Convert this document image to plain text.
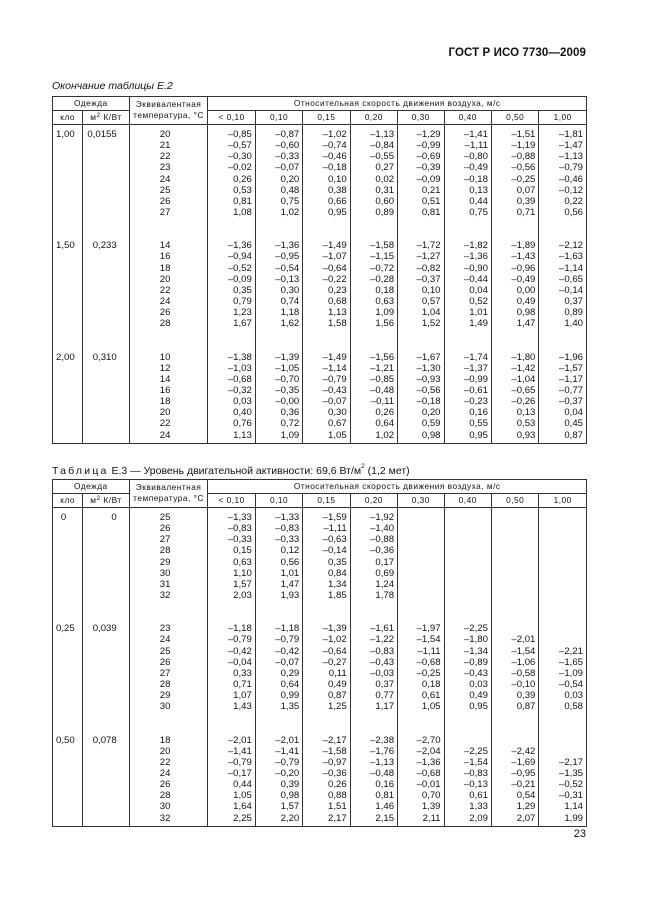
ГОСТ Р ИСО 7730—2009
Окончание таблицы Е.2
Одежда		Эквивалентная температура, °С	Относительная скорость движения воздуха, м/с							
кло	$м^2$ К/Вт		< 0,10	0,10	0,15	0,20	0,30	0,40	0,50	1,00
1,00	0,0155	20	–0,85	–0,87	–1,02	–1,13	–1,29	–1,41	–1,51	–1,81
		21	–0,57	–0,60	–0,74	–0,84	–0,99	–1,11	–1,19	–1,47
		22	–0,30	–0,33	–0,46	–0,55	–0,69	–0,80	–0,88	–1,13
		23	–0,02	–0,07	–0,18	0,27	–0,39	–0,49	–0,56	–0,79
		24	0,26	0,20	0,10	0,02	–0,09	–0,18	–0,25	–0,46
		25	0,53	0,48	0,38	0,31	0,21	0,13	0,07	–0,12
		26	0,81	0,75	0,66	0,60	0,51	0,44	0,39	0,22
		27	1,08	1,02	0,95	0,89	0,81	0,75	0,71	0,56

1,50	0,233	14	–1,36	–1,36	–1,49	–1,58	–1,72	–1,82	–1,89	–2,12
		16	–0,94	–0,95	–1,07	–1,15	–1,27	–1,36	–1,43	–1,63
		18	–0,52	–0,54	–0,64	–0,72	–0,82	–0,90	–0,96	–1,14
		20	–0,09	–0,13	–0,22	–0,28	–0,37	–0,44	–0,49	–0,65
		22	0,35	0,30	0,23	0,18	0,10	0,04	0,00	–0,14
		24	0,79	0,74	0,68	0,63	0,57	0,52	0,49	0,37
		26	1,23	1,18	1,13	1,09	1,04	1,01	0,98	0,89
		28	1,67	1,62	1,58	1,56	1,52	1,49	1,47	1,40

2,00	0,310	10	–1,38	–1,39	–1,49	–1,56	–1,67	–1,74	–1,80	–1,96
		12	–1,03	–1,05	–1,14	–1,21	–1,30	–1,37	–1,42	–1,57
		14	–0,68	–0,70	–0,79	–0,85	–0,93	–0,99	–1,04	–1,17
		16	–0,32	–0,35	–0,43	–0,48	–0,56	–0,61	–0,65	–0,77
		18	0,03	–0,00	–0,07	–0,11	–0,18	–0,23	–0,26	–0,37
		20	0,40	0,36	0,30	0,26	0,20	0,16	0,13	0,04
		22	0,76	0,72	0,67	0,64	0,59	0,55	0,53	0,45
		24	1,13	1,09	1,05	1,02	0,98	0,95	0,93	0,87
Таблица Е.3 — Уровень двигательной активности: 69,6 $Вт/м^2$ (1,2 мет)
Одежда		Эквивалентная температура, °С	Относительная скорость движения воздуха, м/с							
кло	$м^2$ К/Вт		< 0,10	0,10	0,15	0,20	0,30	0,40	0,50	1,00
0	0	25	–1,33	–1,33	–1,59	–1,92				
		26	–0,83	–0,83	–1,11	–1,40				
		27	–0,33	–0,33	–0,63	–0,88				
		28	0,15	0,12	–0,14	–0,36				
		29	0,63	0,56	0,35	0,17				
		30	1,10	1,01	0,84	0,69				
		31	1,57	1,47	1,34	1,24				
		32	2,03	1,93	1,85	1,78				

0,25	0,039	23	–1,18	–1,18	–1,39	–1,61	–1,97	–2,25		
		24	–0,79	–0,79	–1,02	–1,22	–1,54	–1,80	–2,01	
		25	–0,42	–0,42	–0,64	–0,83	–1,11	–1,34	–1,54	–2,21
		26	–0,04	–0,07	–0,27	–0,43	–0,68	–0,89	–1,06	–1,65
		27	0,33	0,29	0,11	–0,03	–0,25	–0,43	–0,58	–1,09
		28	0,71	0,64	0,49	0,37	0,18	0,03	–0,10	–0,54
		29	1,07	0,99	0,87	0,77	0,61	0,49	0,39	0,03
		30	1,43	1,35	1,25	1,17	1,05	0,95	0,87	0,58

0,50	0,078	18	–2,01	–2,01	–2,17	–2,38	–2,70			
		20	–1,41	–1,41	–1,58	–1,76	–2,04	–2,25	–2,42	
		22	–0,79	–0,79	–0,97	–1,13	–1,36	–1,54	–1,69	–2,17
		24	–0,17	–0,20	–0,36	–0,48	–0,68	–0,83	–0,95	–1,35
		26	0,44	0,39	0,26	0,16	–0,01	–0,13	–0,21	–0,52
		28	1,05	0,98	0,88	0,81	0,70	0,61	0,54	–0,31
		30	1,64	1,57	1,51	1,46	1,39	1,33	1,29	1,14
		32	2,25	2,20	2,17	2,15	2,11	2,09	2,07	1,99
23
